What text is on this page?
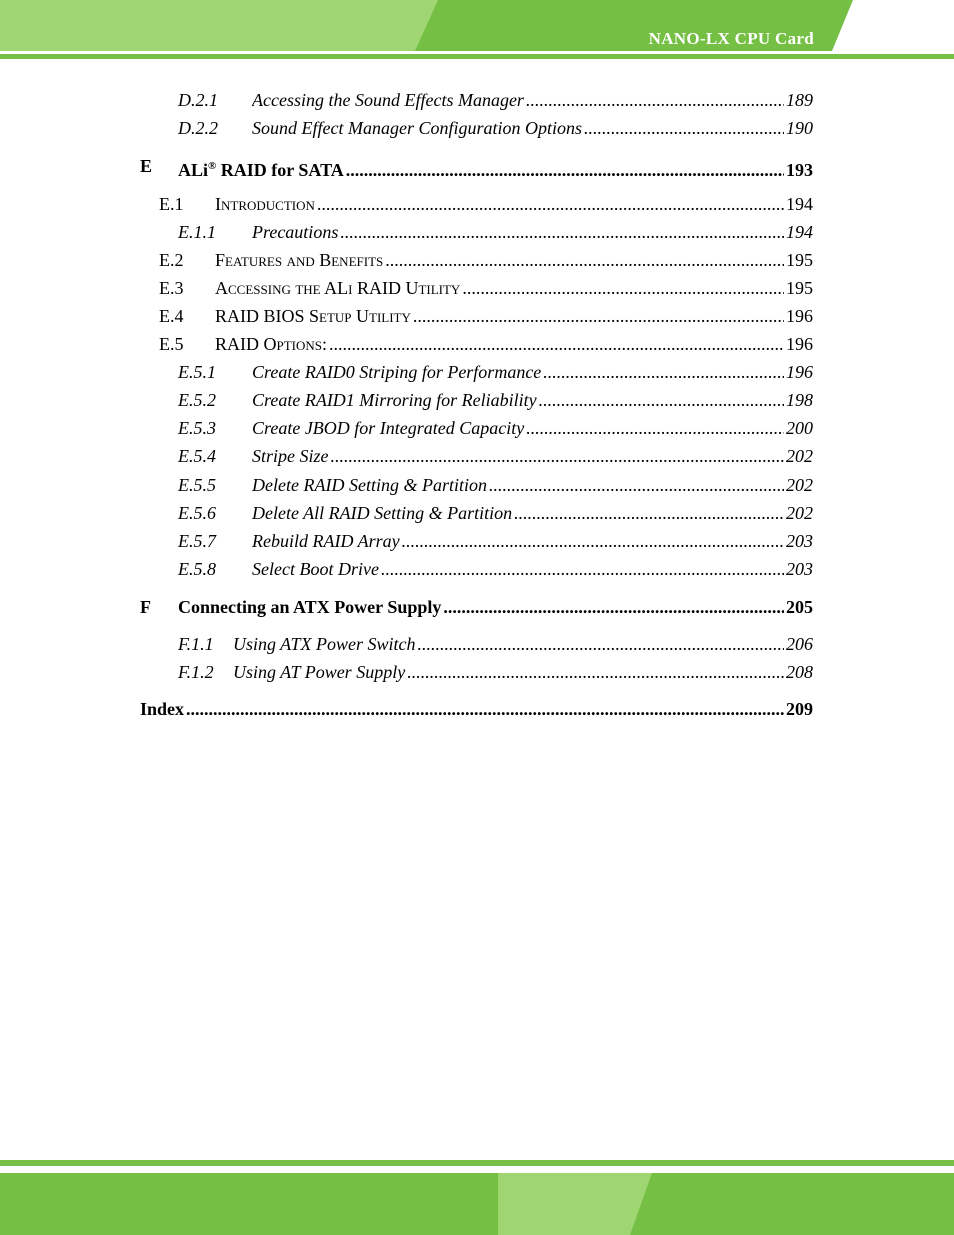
NANO-LX CPU Card
D.2.1 Accessing the Sound Effects Manager .....	189
D.2.2 Sound Effect Manager Configuration Options .....	190
E ALi® RAID for SATA .....	193
E.1 Introduction .....	194
E.1.1 Precautions .....	194
E.2 Features and Benefits .....	195
E.3 Accessing the ALi RAID Utility .....	195
E.4 RAID BIOS Setup Utility .....	196
E.5 RAID Options: .....	196
E.5.1 Create RAID0 Striping for Performance .....	196
E.5.2 Create RAID1 Mirroring for Reliability .....	198
E.5.3 Create JBOD for Integrated Capacity .....	200
E.5.4 Stripe Size .....	202
E.5.5 Delete RAID Setting & Partition .....	202
E.5.6 Delete All RAID Setting & Partition .....	202
E.5.7 Rebuild RAID Array .....	203
E.5.8 Select Boot Drive .....	203
F Connecting an ATX Power Supply .....	205
F.1.1 Using ATX Power Switch .....	206
F.1.2 Using AT Power Supply .....	208
Index .....	209
